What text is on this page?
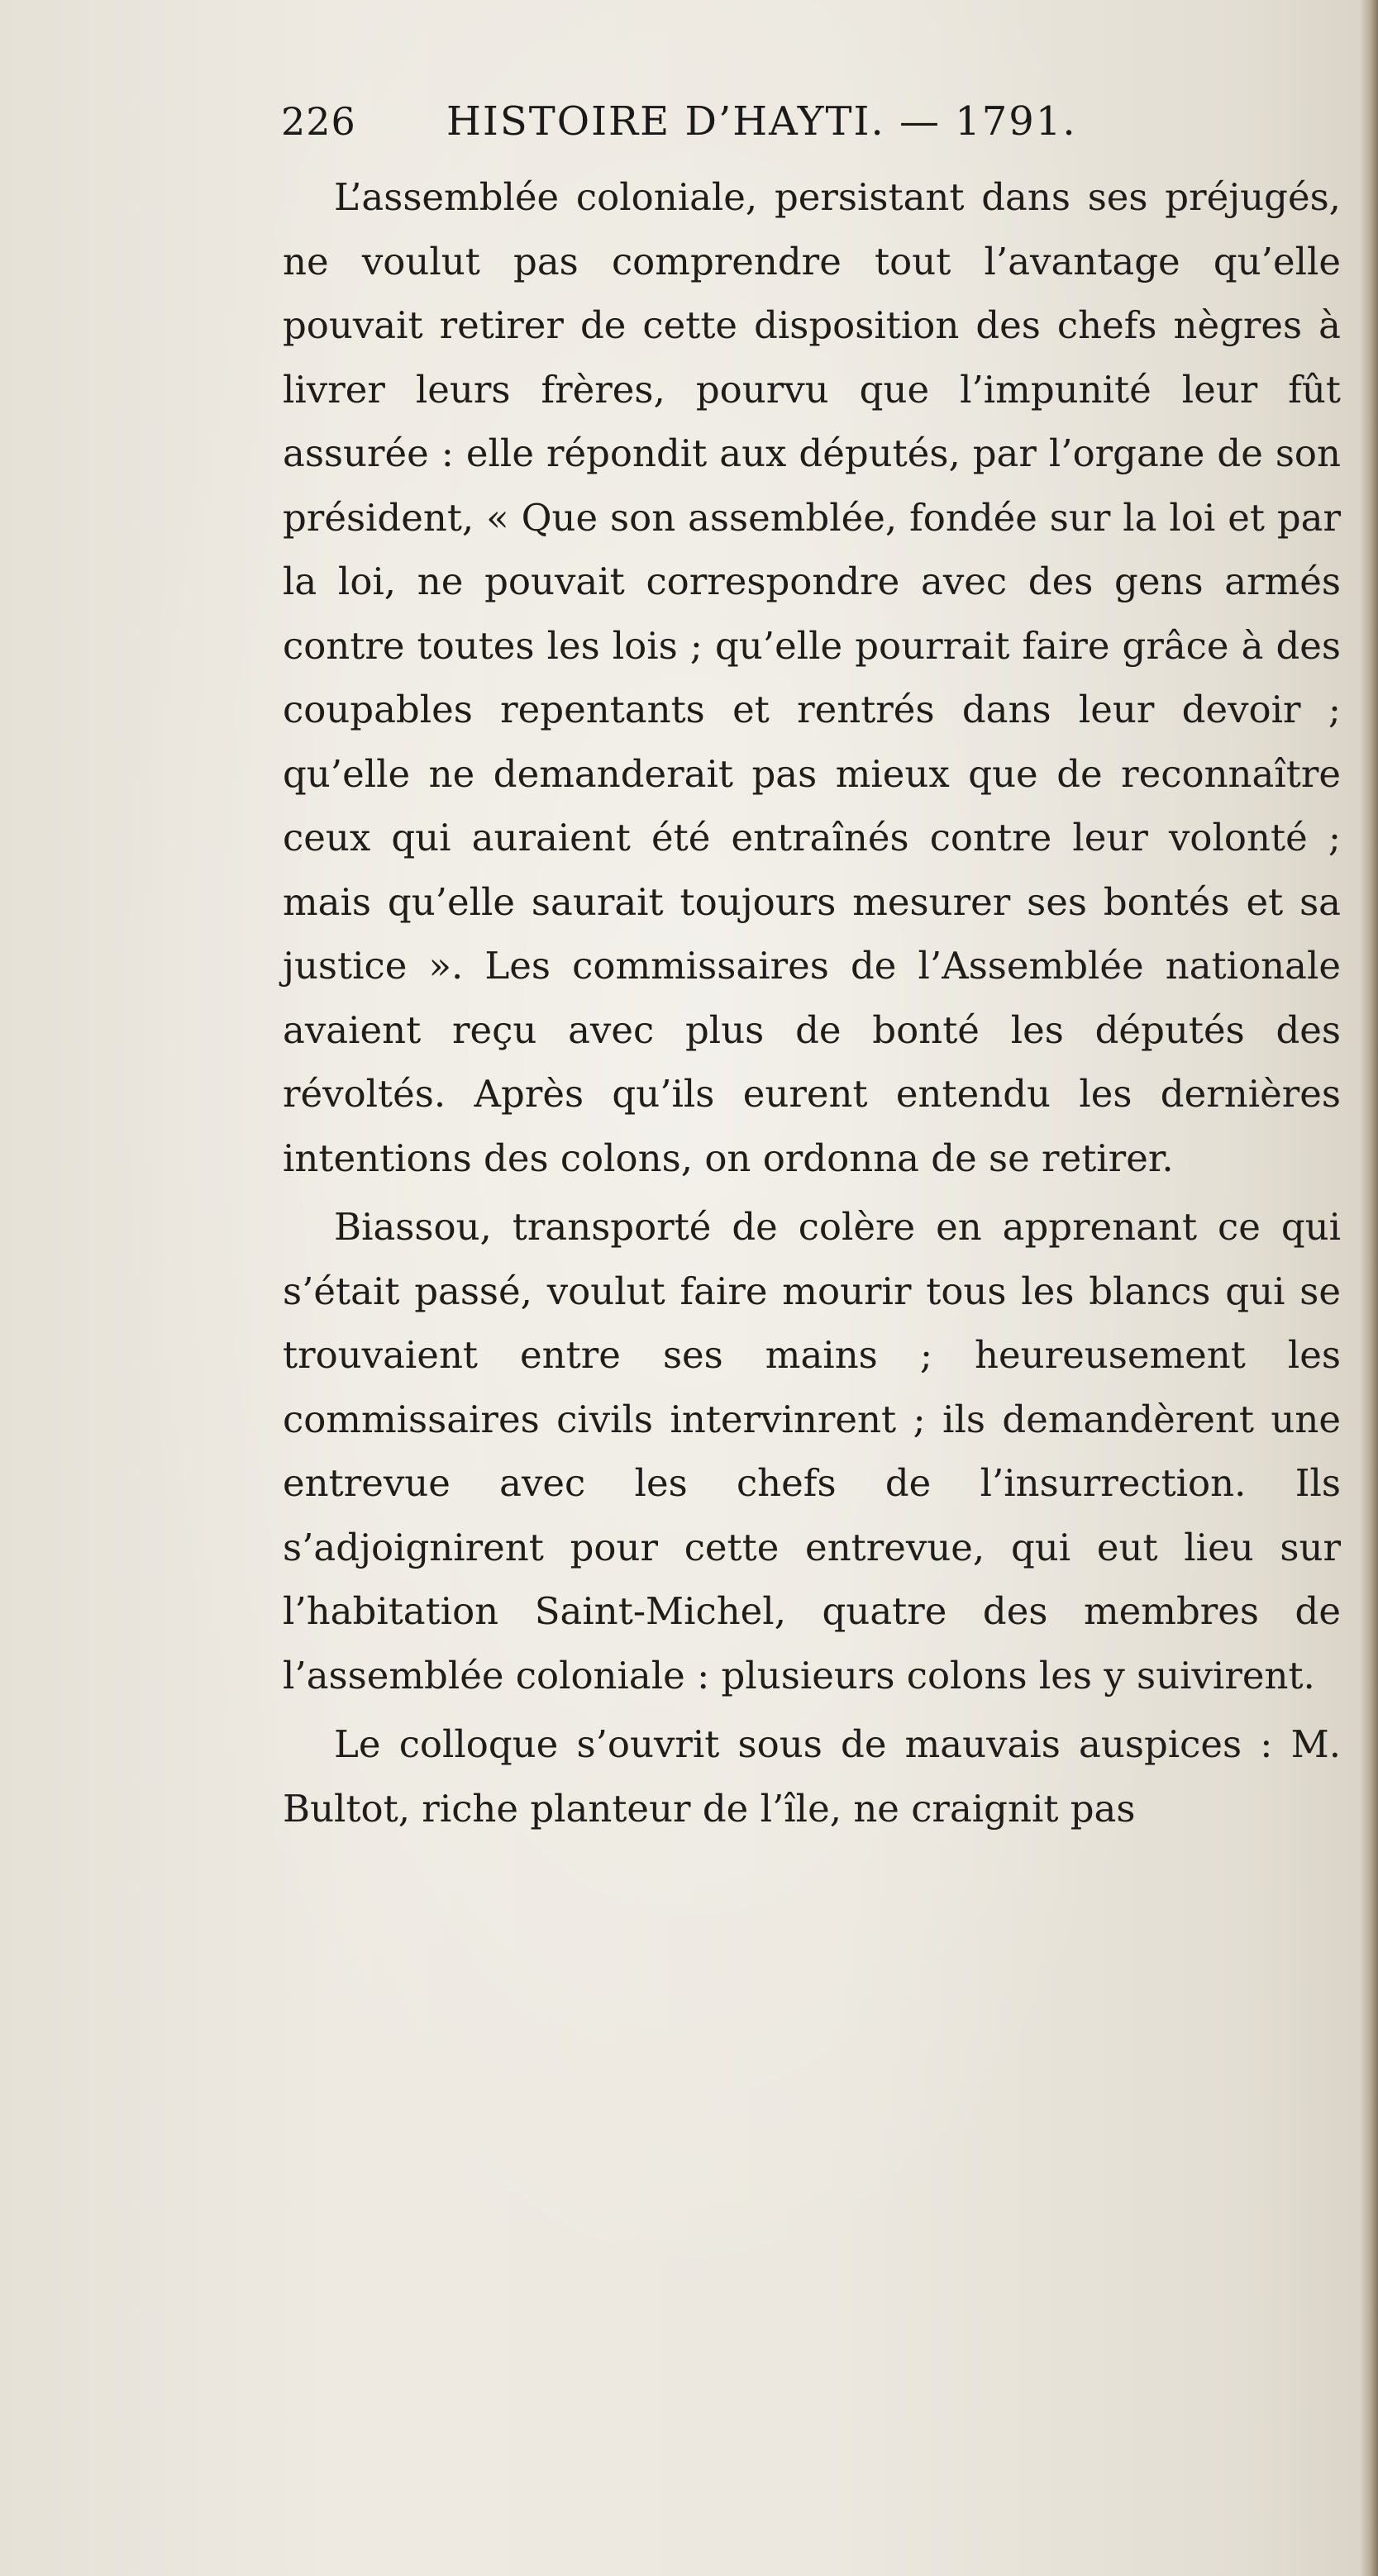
226 HISTOIRE D’HAYTI. — 1791.

L’assemblée coloniale, persistant dans ses préjugés, ne voulut pas comprendre tout l’avantage qu’elle pouvait retirer de cette disposition des chefs nègres à livrer leurs frères, pourvu que l’impunité leur fût assurée : elle répondit aux députés, par l’organe de son président, « Que son assemblée, fondée sur la loi et par la loi, ne pouvait correspondre avec des gens armés contre toutes les lois ; qu’elle pourrait faire grâce à des coupables repentants et rentrés dans leur devoir ; qu’elle ne demanderait pas mieux que de reconnaître ceux qui auraient été entraînés contre leur volonté ; mais qu’elle saurait toujours mesurer ses bontés et sa justice ». Les commissaires de l’Assemblée nationale avaient reçu avec plus de bonté les députés des révoltés. Après qu’ils eurent entendu les dernières intentions des colons, on ordonna de se retirer.

Biassou, transporté de colère en apprenant ce qui s’était passé, voulut faire mourir tous les blancs qui se trouvaient entre ses mains ; heureusement les commissaires civils intervinrent ; ils demandèrent une entrevue avec les chefs de l’insurrection. Ils s’adjoignirent pour cette entrevue, qui eut lieu sur l’habitation Saint-Michel, quatre des membres de l’assemblée coloniale : plusieurs colons les y suivirent.

Le colloque s’ouvrit sous de mauvais auspices : M. Bultot, riche planteur de l’île, ne craignit pas
